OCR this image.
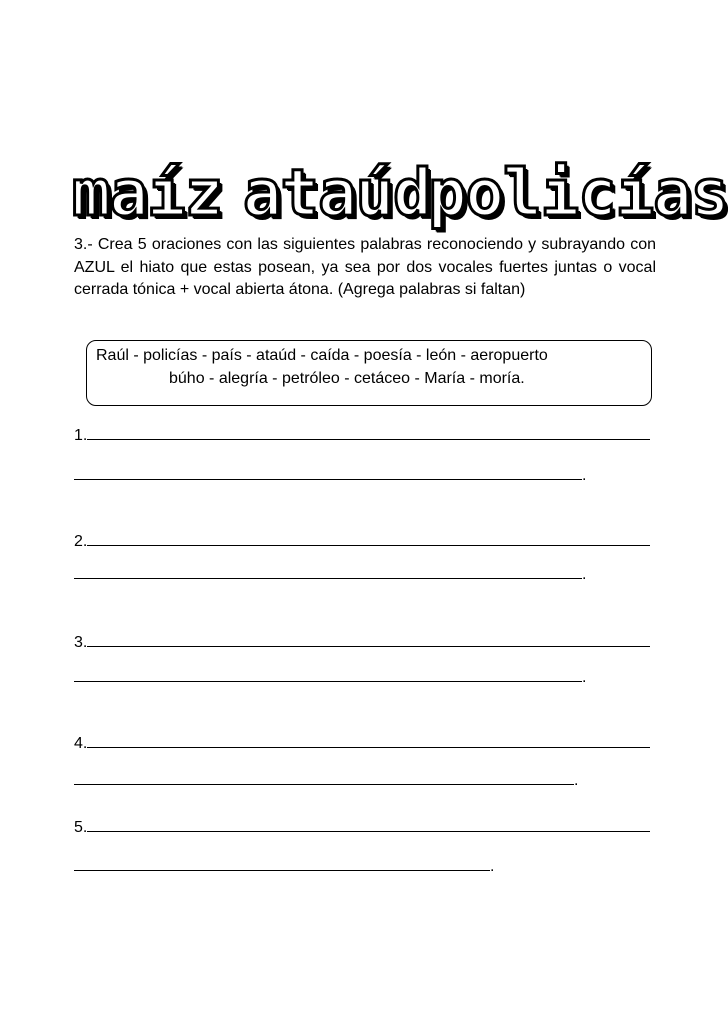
maíz ataúd
policías

3.- Crea 5 oraciones con las siguientes palabras reconociendo y subrayando con AZUL el hiato que estas posean, ya sea por dos vocales fuertes juntas o vocal cerrada tónica + vocal abierta átona. (Agrega palabras si faltan)

Raúl - policías - país - ataúd - caída - poesía - león - aeropuerto
búho - alegría - petróleo - cetáceo - María - moría.
1.
.
2.
.
3.
.
4.
.
5.
.
